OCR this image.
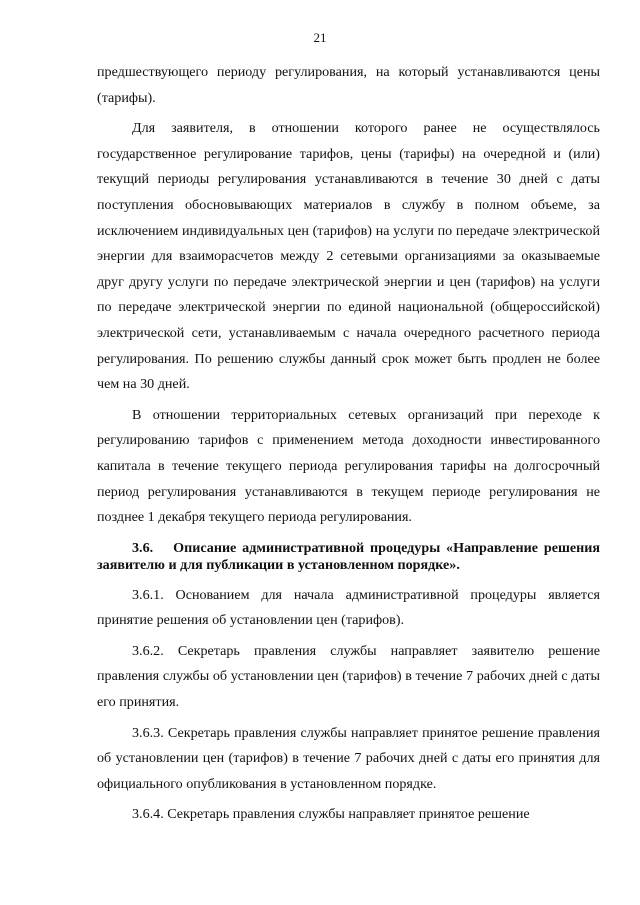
21

предшествующего периоду регулирования, на который устанавливаются цены (тарифы).

Для заявителя, в отношении которого ранее не осуществлялось государственное регулирование тарифов, цены (тарифы) на очередной и (или) текущий периоды регулирования устанавливаются в течение 30 дней с даты поступления обосновывающих материалов в службу в полном объеме, за исключением индивидуальных цен (тарифов) на услуги по передаче электрической энергии для взаиморасчетов между 2 сетевыми организациями за оказываемые друг другу услуги по передаче электрической энергии и цен (тарифов) на услуги по передаче электрической энергии по единой национальной (общероссийской) электрической сети, устанавливаемым с начала очередного расчетного периода регулирования. По решению службы данный срок может быть продлен не более чем на 30 дней.

В отношении территориальных сетевых организаций при переходе к регулированию тарифов с применением метода доходности инвестированного капитала в течение текущего периода регулирования тарифы на долгосрочный период регулирования устанавливаются в текущем периоде регулирования не позднее 1 декабря текущего периода регулирования.

3.6. Описание административной процедуры «Направление решения заявителю и для публикации в установленном порядке».

3.6.1. Основанием для начала административной процедуры является принятие решения об установлении цен (тарифов).

3.6.2. Секретарь правления службы направляет заявителю решение правления службы об установлении цен (тарифов) в течение 7 рабочих дней с даты его принятия.

3.6.3. Секретарь правления службы направляет принятое решение правления об установлении цен (тарифов) в течение 7 рабочих дней с даты его принятия для официального опубликования в установленном порядке.

3.6.4. Секретарь правления службы направляет принятое решение
